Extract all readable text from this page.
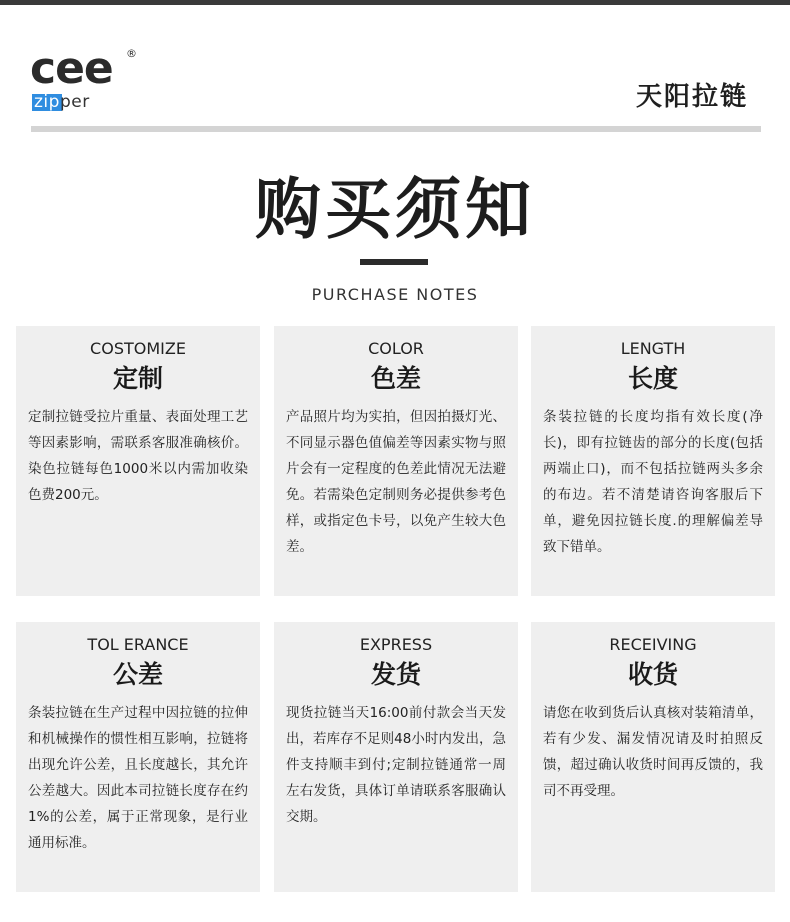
cee ®
zipper	天阳拉链
购买须知
PURCHASE NOTES
COSTOMIZE
定制
定制拉链受拉片重量、表面处理工艺等因素影响，需联系客服准确核价。染色拉链每色1000米以内需加收染色费200元。
COLOR
色差
产品照片均为实拍，但因拍摄灯光、不同显示器色值偏差等因素实物与照片会有一定程度的色差此情况无法避免。若需染色定制则务必提供参考色样，或指定色卡号，以免产生较大色差。
LENGTH
长度
条装拉链的长度均指有效长度(净长)，即有拉链齿的部分的长度(包括两端止口)，而不包括拉链两头多余的布边。若不清楚请咨询客服后下单，避免因拉链长度.的理解偏差导致下错单。
TOL ERANCE
公差
条装拉链在生产过程中因拉链的拉伸和机械操作的惯性相互影响，拉链将出现允许公差，且长度越长，其允许公差越大。因此本司拉链长度存在约1%的公差，属于正常现象，是行业通用标准。
EXPRESS
发货
现货拉链当天16:00前付款会当天发出，若库存不足则48小时内发出，急件支持顺丰到付;定制拉链通常一周左右发货，具体订单请联系客服确认交期。
RECEIVING
收货
请您在收到货后认真核对装箱清单，若有少发、漏发情况请及时拍照反馈，超过确认收货时间再反馈的，我司不再受理。
